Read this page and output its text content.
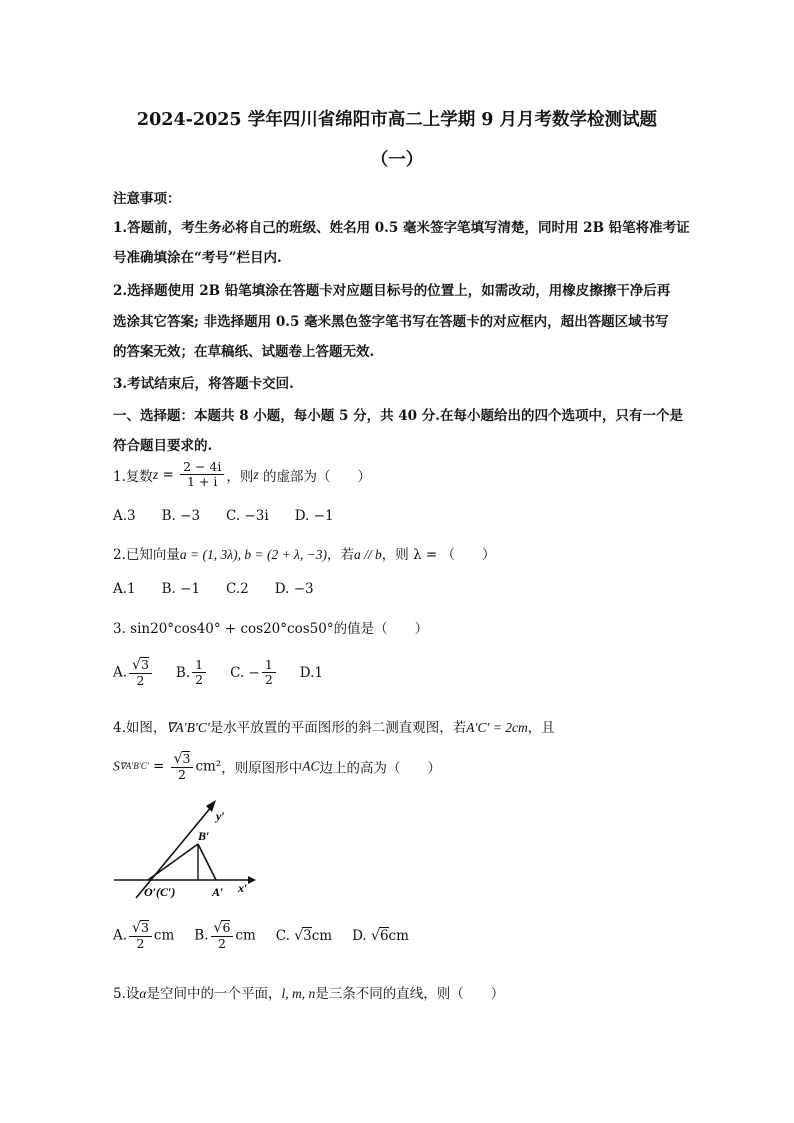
2024-2025 学年四川省绵阳市高二上学期 9 月月考数学检测试题
（一）
注意事项：
1.答题前，考生务必将自己的班级、姓名用 0.5 毫米签字笔填写清楚，同时用 2B 铅笔将准考证
号准确填涂在“考号”栏目内.
2.选择题使用 2B 铅笔填涂在答题卡对应题目标号的位置上，如需改动，用橡皮擦擦干净后再
选涂其它答案; 非选择题用 0.5 毫米黑色签字笔书写在答题卡的对应框内，超出答题区域书写
的答案无效；在草稿纸、试题卷上答题无效.
3.考试结束后，将答题卡交回.
一、选择题：本题共 8 小题，每小题 5 分，共 40 分.在每小题给出的四个选项中，只有一个是
符合题目要求的.
1.复数$z = \frac{2 - 4i}{1 + i}$ ，则z 的虚部为（　　）
A.3 B. −3 C. −3i D. −1
2.已知向量a = (1, 3λ), b = (2 + λ, −3)，若a // b，则 λ = （　　）
A.1 B. −1 C.2 D. −3
3. sin20°cos40° + cos20°cos50°的值是（　　）
A. $\frac{√3}{2} B$. $\frac{1}{2} C$. − $\frac{1}{2} D.1$
4.如图，∇A′B′C′是水平放置的平面图形的斜二测直观图，若A′C′ = 2cm，且
$S\nabla A'B'C' = \frac{√3}{2} cm^2$，则原图形中AC边上的高为（　　）
y′
B′
O′(C′)	A′ x′
A. $\frac{√3}{2}$ cm B. $\frac{√6}{2}$ cm C. √3cm D. √6cm
5.设α是空间中的一个平面，l, m, n是三条不同的直线，则（　　）
